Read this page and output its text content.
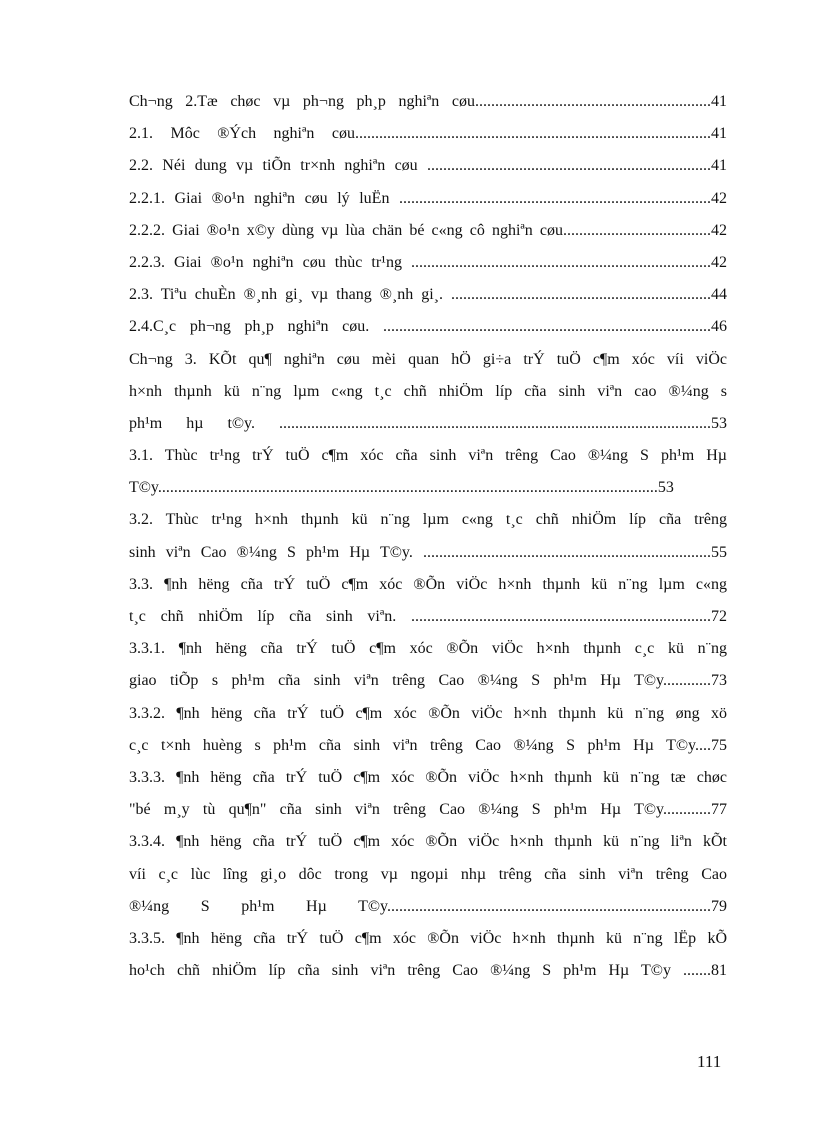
Ch¬ng 2.Tæ chøc vµ ph¬ng ph¸p nghiªn cøu...........................................................41
2.1. Môc ®Ých nghiªn cøu.........................................................................................41
2.2. Néi dung vµ tiÕn tr×nh nghiªn cøu .......................................................................41
2.2.1. Giai ®o¹n nghiªn cøu lý luËn ..............................................................................42
2.2.2. Giai ®o¹n x©y dùng vµ lùa chän bé c«ng cô nghiªn cøu.....................................42
2.2.3. Giai ®o¹n nghiªn cøu thùc tr¹ng ...........................................................................42
2.3. Tiªu chuÈn ®¸nh gi¸ vµ thang ®¸nh gi¸. .................................................................44
2.4.C¸c ph¬ng ph¸p nghiªn cøu. ..................................................................................46
Ch¬ng 3. KÕt qu¶ nghiªn cøu mèi quan hÖ gi÷a trÝ tuÖ c¶m xóc víi viÖc
h×nh thµnh kü n¨ng lµm c«ng t¸c chñ nhiÖm líp cña sinh viªn cao ®¼ng s
ph¹m hµ t©y. ............................................................................................................53
3.1. Thùc tr¹ng trÝ tuÖ c¶m xóc cña sinh viªn trêng Cao ®¼ng S ph¹m Hµ
T©y.............................................................................................................................53
3.2. Thùc tr¹ng h×nh thµnh kü n¨ng lµm c«ng t¸c chñ nhiÖm líp cña trêng
sinh viªn Cao ®¼ng S ph¹m Hµ T©y. ........................................................................55
3.3. ¶nh hëng cña trÝ tuÖ c¶m xóc ®Õn viÖc h×nh thµnh kü n¨ng lµm c«ng
t¸c chñ nhiÖm líp cña sinh viªn. ...........................................................................72
3.3.1. ¶nh hëng cña trÝ tuÖ c¶m xóc ®Õn viÖc h×nh thµnh c¸c kü n¨ng
giao tiÕp s ph¹m cña sinh viªn trêng Cao ®¼ng S ph¹m Hµ T©y............73
3.3.2. ¶nh hëng cña trÝ tuÖ c¶m xóc ®Õn viÖc h×nh thµnh kü n¨ng øng xö
c¸c t×nh huèng s ph¹m cña sinh viªn trêng Cao ®¼ng S ph¹m Hµ T©y....75
3.3.3. ¶nh hëng cña trÝ tuÖ c¶m xóc ®Õn viÖc h×nh thµnh kü n¨ng tæ chøc
"bé m¸y tù qu¶n" cña sinh viªn trêng Cao ®¼ng S ph¹m Hµ T©y............77
3.3.4. ¶nh hëng cña trÝ tuÖ c¶m xóc ®Õn viÖc h×nh thµnh kü n¨ng liªn kÕt
víi c¸c lùc lîng gi¸o dôc trong vµ ngoµi nhµ trêng cña sinh viªn trêng Cao
®¼ng S ph¹m Hµ T©y.................................................................................79
3.3.5. ¶nh hëng cña trÝ tuÖ c¶m xóc ®Õn viÖc h×nh thµnh kü n¨ng lËp kÕ
ho¹ch chñ nhiÖm líp cña sinh viªn trêng Cao ®¼ng S ph¹m Hµ T©y .......81
111
